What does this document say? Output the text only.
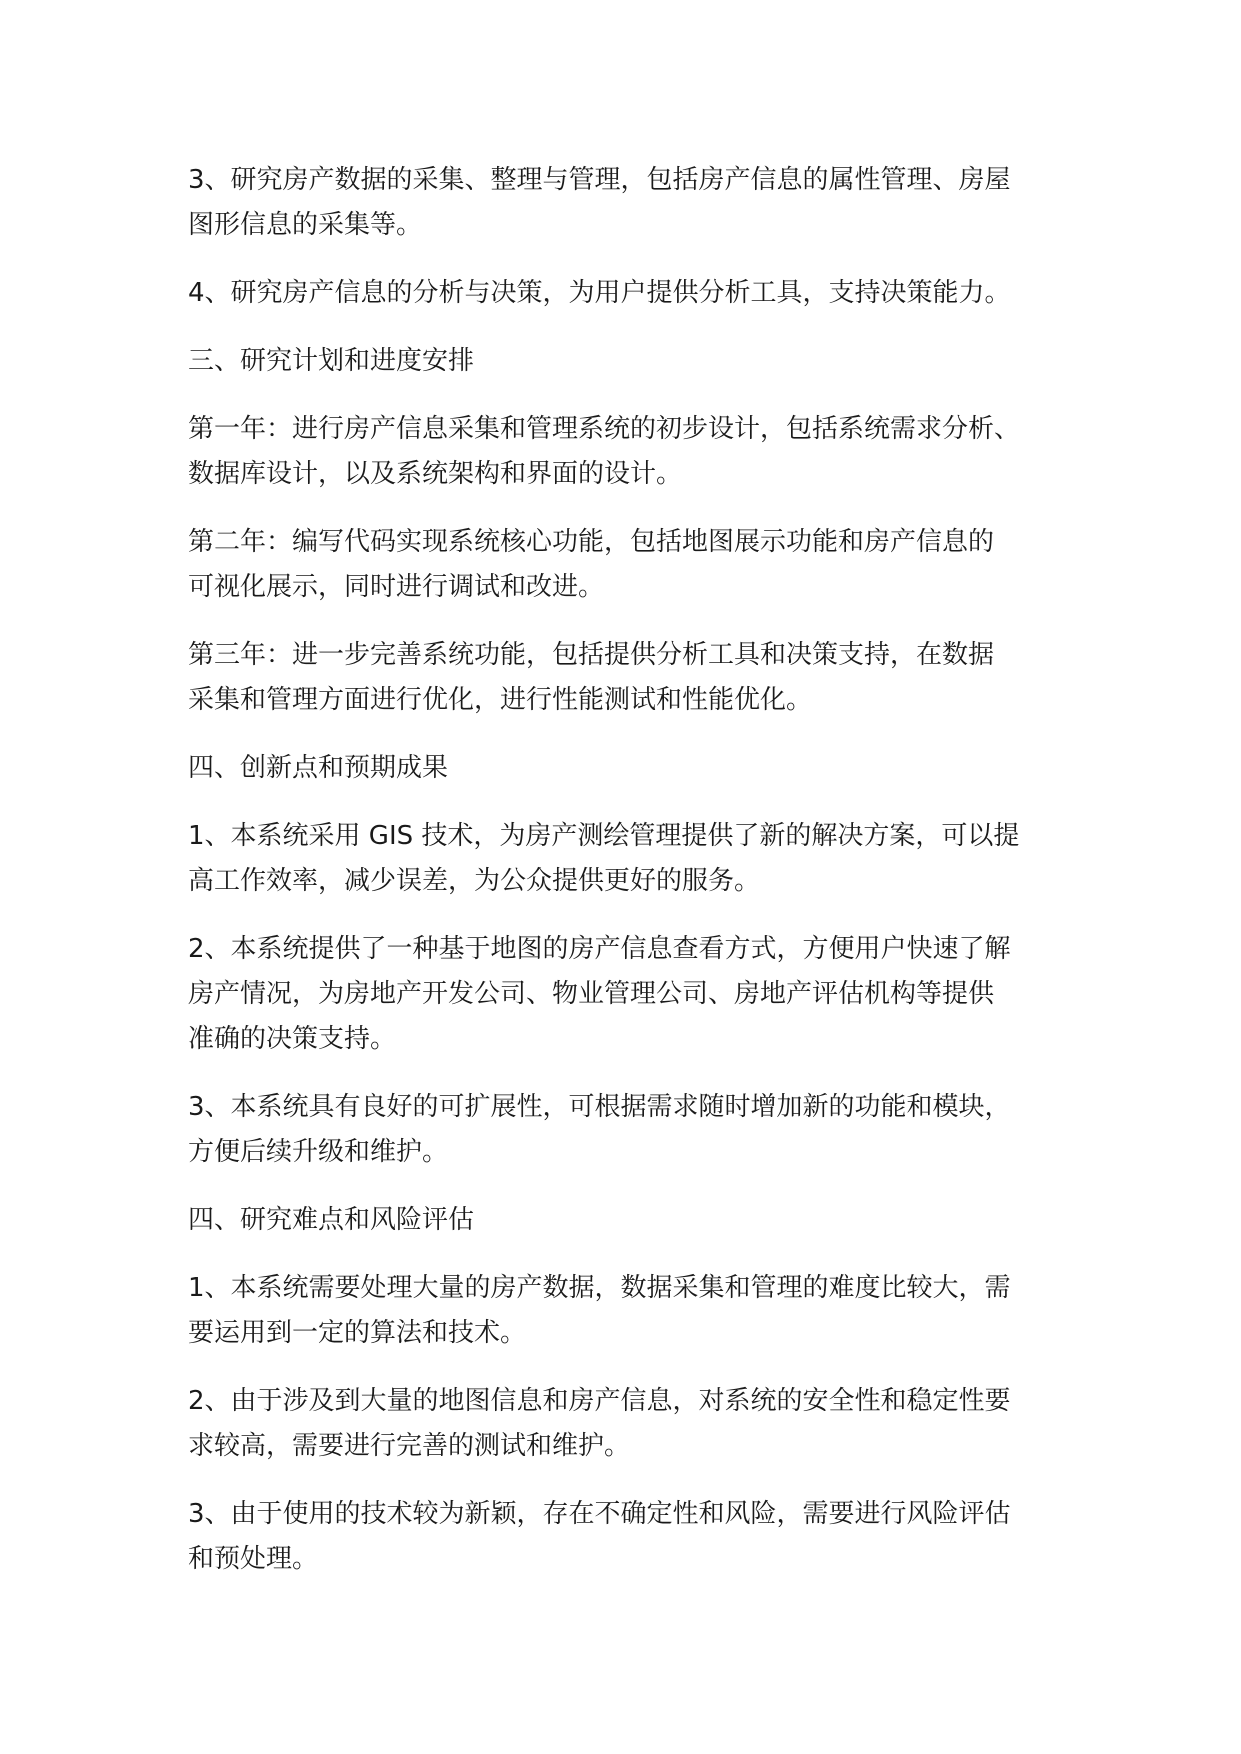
3、研究房产数据的采集、整理与管理，包括房产信息的属性管理、房屋
图形信息的采集等。

4、研究房产信息的分析与决策，为用户提供分析工具，支持决策能力。

三、研究计划和进度安排

第一年：进行房产信息采集和管理系统的初步设计，包括系统需求分析、
数据库设计，以及系统架构和界面的设计。

第二年：编写代码实现系统核心功能，包括地图展示功能和房产信息的
可视化展示，同时进行调试和改进。

第三年：进一步完善系统功能，包括提供分析工具和决策支持，在数据
采集和管理方面进行优化，进行性能测试和性能优化。

四、创新点和预期成果

1、本系统采用 GIS 技术，为房产测绘管理提供了新的解决方案，可以提
高工作效率，减少误差，为公众提供更好的服务。

2、本系统提供了一种基于地图的房产信息查看方式，方便用户快速了解
房产情况，为房地产开发公司、物业管理公司、房地产评估机构等提供
准确的决策支持。

3、本系统具有良好的可扩展性，可根据需求随时增加新的功能和模块，
方便后续升级和维护。

四、研究难点和风险评估

1、本系统需要处理大量的房产数据，数据采集和管理的难度比较大，需
要运用到一定的算法和技术。

2、由于涉及到大量的地图信息和房产信息，对系统的安全性和稳定性要
求较高，需要进行完善的测试和维护。

3、由于使用的技术较为新颖，存在不确定性和风险，需要进行风险评估
和预处理。
